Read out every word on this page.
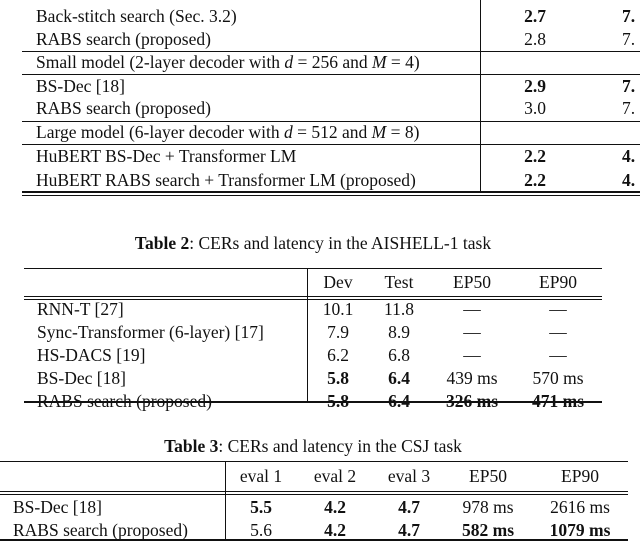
Back-stitch search (Sec. 3.2)	2.7	7.
RABS search (proposed)	2.8	7.
Small model (2-layer decoder with d = 256 and M = 4)
BS-Dec [18]	2.9	7.
RABS search (proposed)	3.0	7.
Large model (6-layer decoder with d = 512 and M = 8)
HuBERT BS-Dec + Transformer LM	2.2	4.
HuBERT RABS search + Transformer LM (proposed)	2.2	4.
Table 2: CERs and latency in the AISHELL-1 task
Dev Test EP50	EP90
RNN-T [27]	10.1 11.8	—	—
Sync-Transformer (6-layer) [17]	7.9 8.9	—	—
HS-DACS [19]	6.2 6.8	—	—
BS-Dec [18]	5.8 6.4 439 ms 570 ms
RABS search (proposed)	5.8 6.4 326 ms 471 ms
Table 3: CERs and latency in the CSJ task
eval 1 eval 2 eval 3 EP50	EP90
BS-Dec [18]	5.5	4.2	4.7 978 ms 2616 ms
RABS search (proposed)	5.6	4.2	4.7 582 ms 1079 ms
